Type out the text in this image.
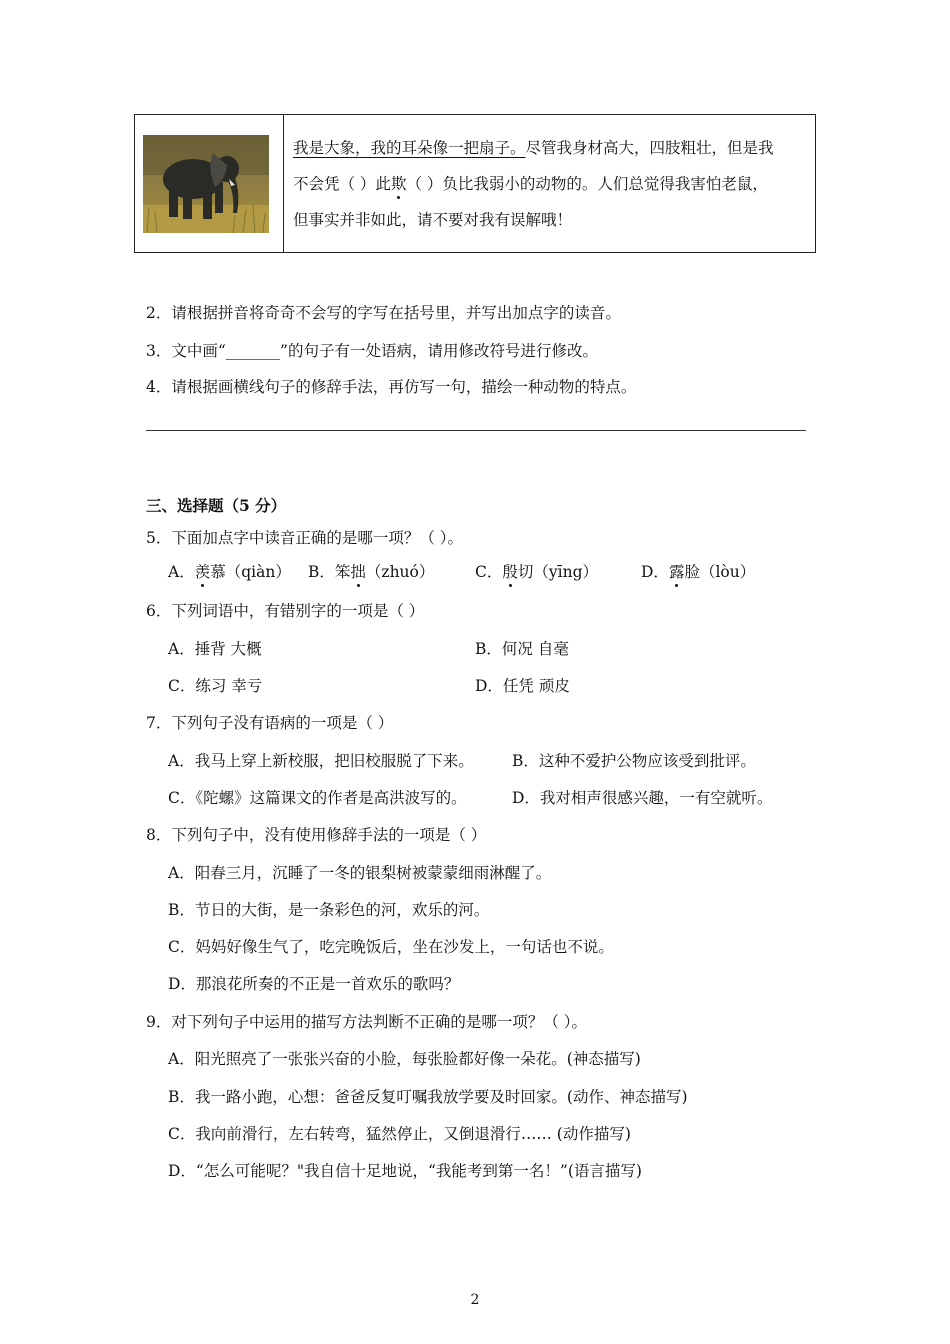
我是大象，我的耳朵像一把扇子。尽管我身材高大，四肢粗壮，但是我
不会凭（ ）此欺（ ）负比我弱小的动物的。人们总觉得我害怕老鼠，
但事实并非如此，请不要对我有误解哦！
2．请根据拼音将奇奇不会写的字写在括号里，并写出加点字的读音。
3．文中画“_______”的句子有一处语病，请用修改符号进行修改。
4．请根据画横线句子的修辞手法，再仿写一句，描绘一种动物的特点。
三、选择题（5 分）
5．下面加点字中读音正确的是哪一项？（ ）。
A．羡慕（qiàn） B．笨拙（zhuó）	C．殷切（yīng）	D．露脸（lòu）
6．下列词语中，有错别字的一项是（ ）
A．捶背 大概	B．何况 自毫
C．练习 幸亏	D．任凭 顽皮
7．下列句子没有语病的一项是（ ）
A．我马上穿上新校服，把旧校服脱了下来。 B．这种不爱护公物应该受到批评。
C．《陀螺》这篇课文的作者是高洪波写的。	D．我对相声很感兴趣，一有空就听。
8．下列句子中，没有使用修辞手法的一项是（ ）
A．阳春三月，沉睡了一冬的银梨树被蒙蒙细雨淋醒了。
B．节日的大街，是一条彩色的河，欢乐的河。
C．妈妈好像生气了，吃完晚饭后，坐在沙发上，一句话也不说。
D．那浪花所奏的不正是一首欢乐的歌吗？
9．对下列句子中运用的描写方法判断不正确的是哪一项？（ ）。
A．阳光照亮了一张张兴奋的小脸，每张脸都好像一朵花。(神态描写)
B．我一路小跑，心想：爸爸反复叮嘱我放学要及时回家。(动作、神态描写)
C．我向前滑行，左右转弯，猛然停止，又倒退滑行…… (动作描写)
D．“怎么可能呢？"我自信十足地说，“我能考到第一名！”(语言描写)
2
